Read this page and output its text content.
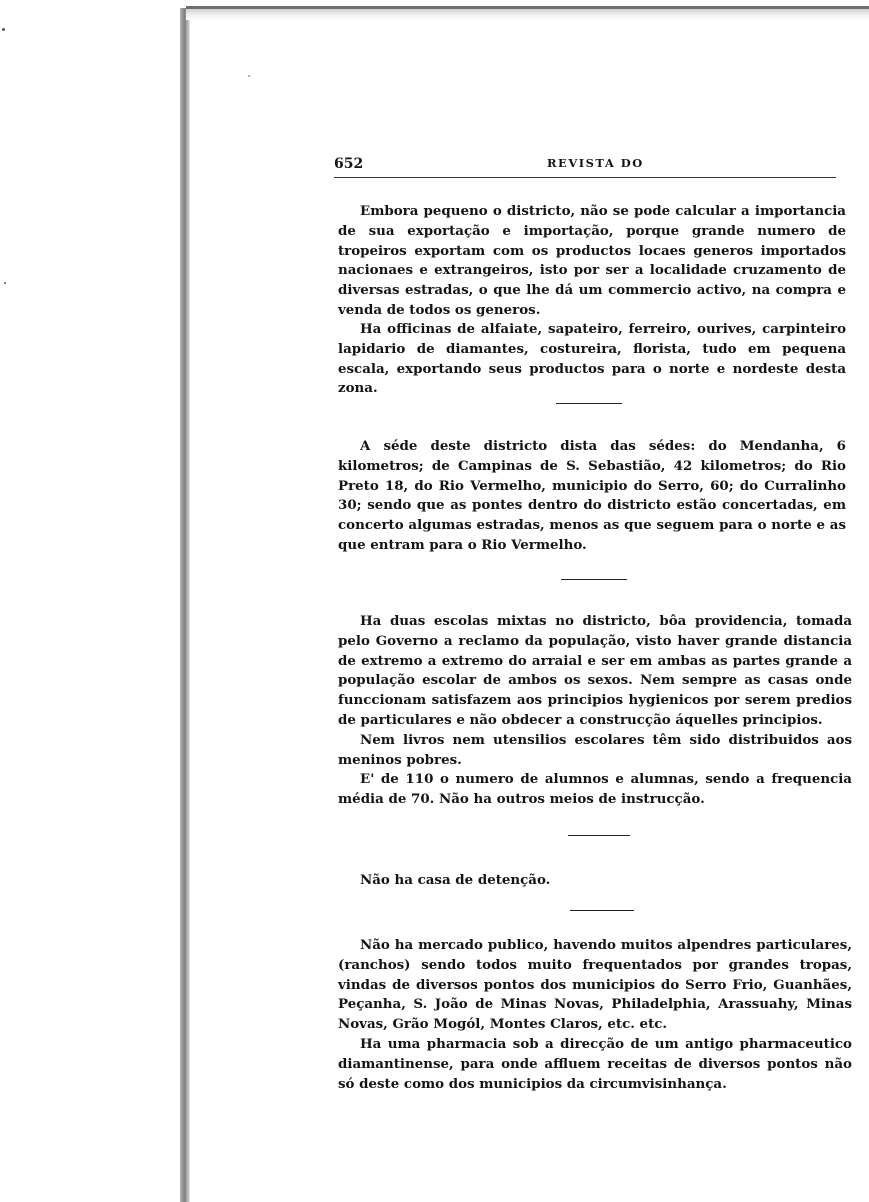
652	REVISTA DO

Embora pequeno o districto, não se pode calcular a importancia de sua exportação e importação, porque grande numero de tropeiros exportam com os productos locaes generos importados nacionaes e extrangeiros, isto por ser a localidade cruzamento de diversas estradas, o que lhe dá um commercio activo, na compra e venda de todos os generos.

Ha officinas de alfaiate, sapateiro, ferreiro, ourives, carpinteiro lapidario de diamantes, costureira, florista, tudo em pequena escala, exportando seus productos para o norte e nordeste desta zona.

A séde deste districto dista das sédes: do Mendanha, 6 kilometros; de Campinas de S. Sebastião, 42 kilometros; do Rio Preto 18, do Rio Vermelho, municipio do Serro, 60; do Curralinho 30; sendo que as pontes dentro do districto estão concertadas, em concerto algumas estradas, menos as que seguem para o norte e as que entram para o Rio Vermelho.

Ha duas escolas mixtas no districto, bôa providencia, tomada pelo Governo a reclamo da população, visto haver grande distancia de extremo a extremo do arraial e ser em ambas as partes grande a população escolar de ambos os sexos. Nem sempre as casas onde funccionam satisfazem aos principios hygienicos por serem predios de particulares e não obdecer a construcção áquelles principios.

Nem livros nem utensilios escolares têm sido distribuidos aos meninos pobres.

E' de 110 o numero de alumnos e alumnas, sendo a frequencia média de 70. Não ha outros meios de instrucção.

Não ha casa de detenção.

Não ha mercado publico, havendo muitos alpendres particulares, (ranchos) sendo todos muito frequentados por grandes tropas, vindas de diversos pontos dos municipios do Serro Frio, Guanhães, Peçanha, S. João de Minas Novas, Philadelphia, Arassuahy, Minas Novas, Grão Mogól, Montes Claros, etc. etc.

Ha uma pharmacia sob a direcção de um antigo pharmaceutico diamantinense, para onde affluem receitas de diversos pontos não só deste como dos municipios da circumvisinhança.
